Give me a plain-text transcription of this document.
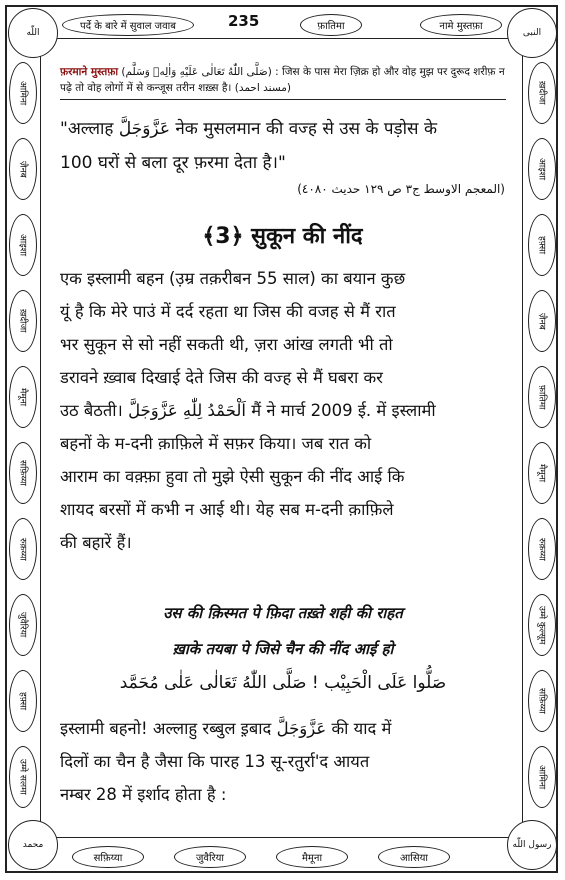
اللّٰه	النبى
محمد	رسول اللّٰه
पर्दे के बारे में सुवाल जवाब	235	फ़ातिमा	नामे मुस्तफ़ा
आमिना
ज़ैनब
आइशा
ख़दीजा
मैमूना
सफ़िय्या
रुक़य्या
जुवैरिया
हफ़्सा
उम्मे सलमा
ख़दीजा
आइशा
हफ़्सा
ज़ैनब
फ़ातिमा
मैमूना
रुक़य्या
उम्मे कुल्सूम
सफ़िय्या
आमिना
फ़रमाने मुस्तफ़ा (صَلَّى اللّٰهُ تَعَالٰى عَلَيْهِ وَاٰلِهٖ وَسَلَّم) : जिस के पास मेरा ज़िक्र हो और वोह मुझ पर दुरूद शरीफ़ न पढ़े तो वोह लोगों में से कन्जूस तरीन शख़्स है। (مسند احمد)
"अल्लाह عَزَّوَجَلَّ नेक मुसलमान की वज्ह से उस के पड़ोस के
100 घरों से बला दूर फ़रमा देता है।"
(المعجم الاوسط ج٣ ص ١٢٩ حديث ٤٠٨٠)
﴾3﴿ सुकून की नींद
एक इस्लामी बहन (उ़म्र तक़रीबन 55 साल) का बयान कुछ
यूं है कि मेरे पाउं में दर्द रहता था जिस की वजह से मैं रात
भर सुकून से सो नहीं सकती थी, ज़रा आंख लगती भी तो
डरावने ख़्वाब दिखाई देते जिस की वज्ह से मैं घबरा कर
उठ बैठती। اَلْحَمْدُ لِلّٰهِ عَزَّوَجَلَّ मैं ने मार्च 2009 ई. में इस्लामी
बहनों के म-दनी क़ाफ़िले में सफ़र किया। जब रात को
आराम का वक़्फ़ा हुवा तो मुझे ऐसी सुकून की नींद आई कि
शायद बरसों में कभी न आई थी। येह सब म-दनी क़ाफ़िले
की बहारें हैं।
उस की क़िस्मत पे फ़िदा तख़्ते शही की राहत
ख़ाके तयबा पे जिसे चैन की नींद आई हो
صَلُّوا عَلَى الْحَبِيْب ! صَلَّى اللّٰهُ تَعَالٰى عَلٰى مُحَمَّد
इस्लामी बहनो! अल्लाहु रब्बुल इ़बाद عَزَّوَجَلَّ की याद में
दिलों का चैन है जैसा कि पारह 13 सू-रतुर्रा'द आयत
नम्बर 28 में इर्शाद होता है :
सफ़िय्या	जुवैरिया	मैमूना	आसिया
